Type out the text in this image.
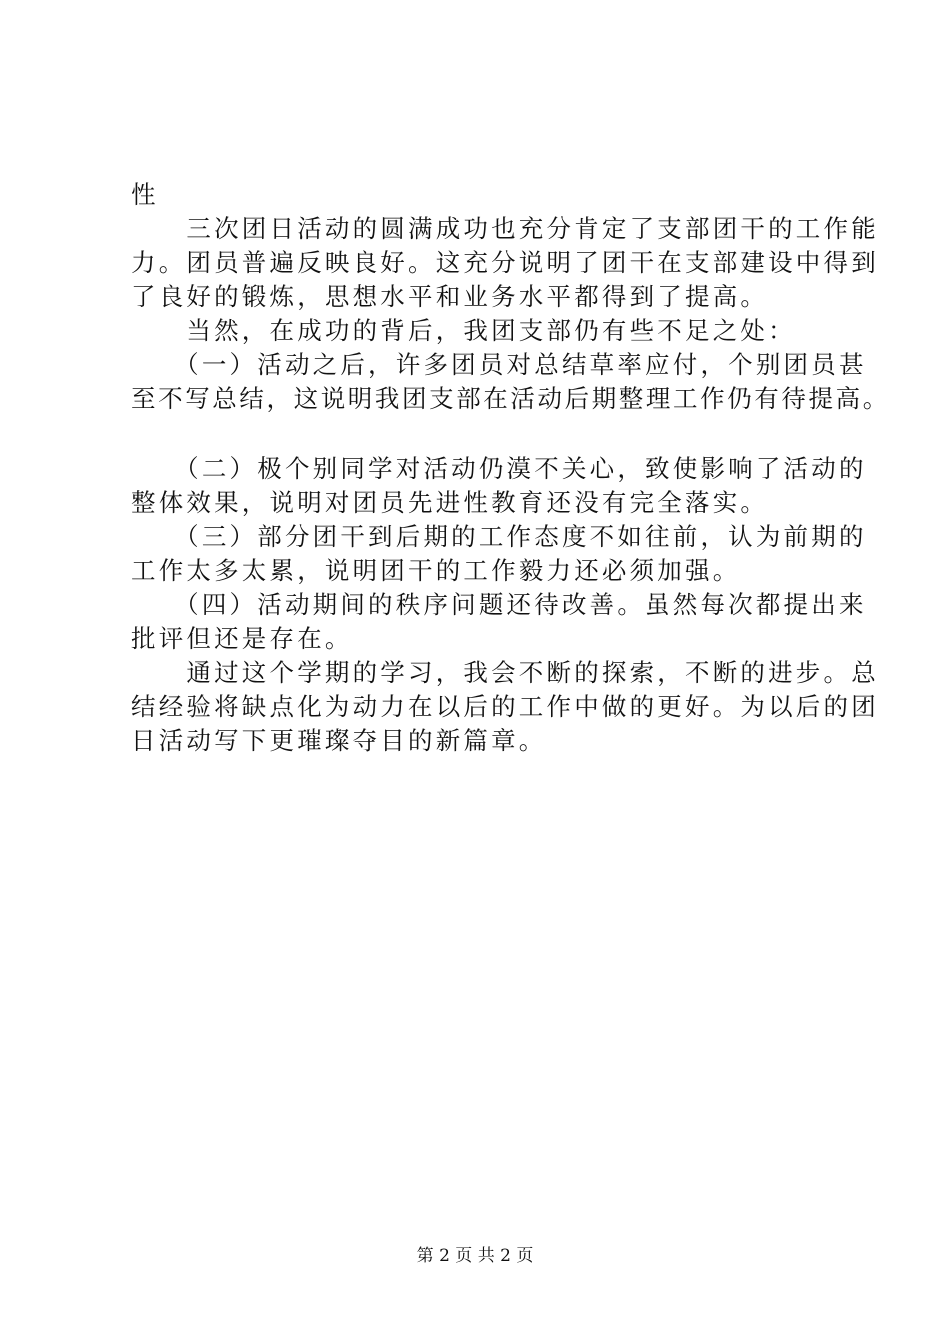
性
　　三次团日活动的圆满成功也充分肯定了支部团干的工作能
力。团员普遍反映良好。这充分说明了团干在支部建设中得到
了良好的锻炼，思想水平和业务水平都得到了提高。
　　当然，在成功的背后，我团支部仍有些不足之处：
　　（一）活动之后，许多团员对总结草率应付，个别团员甚
至不写总结，这说明我团支部在活动后期整理工作仍有待提高。
　　（二）极个别同学对活动仍漠不关心，致使影响了活动的
整体效果，说明对团员先进性教育还没有完全落实。
　　（三）部分团干到后期的工作态度不如往前，认为前期的
工作太多太累，说明团干的工作毅力还必须加强。
　　（四）活动期间的秩序问题还待改善。虽然每次都提出来
批评但还是存在。
　　通过这个学期的学习，我会不断的探索，不断的进步。总
结经验将缺点化为动力在以后的工作中做的更好。为以后的团
日活动写下更璀璨夺目的新篇章。
第 2 页 共 2 页
